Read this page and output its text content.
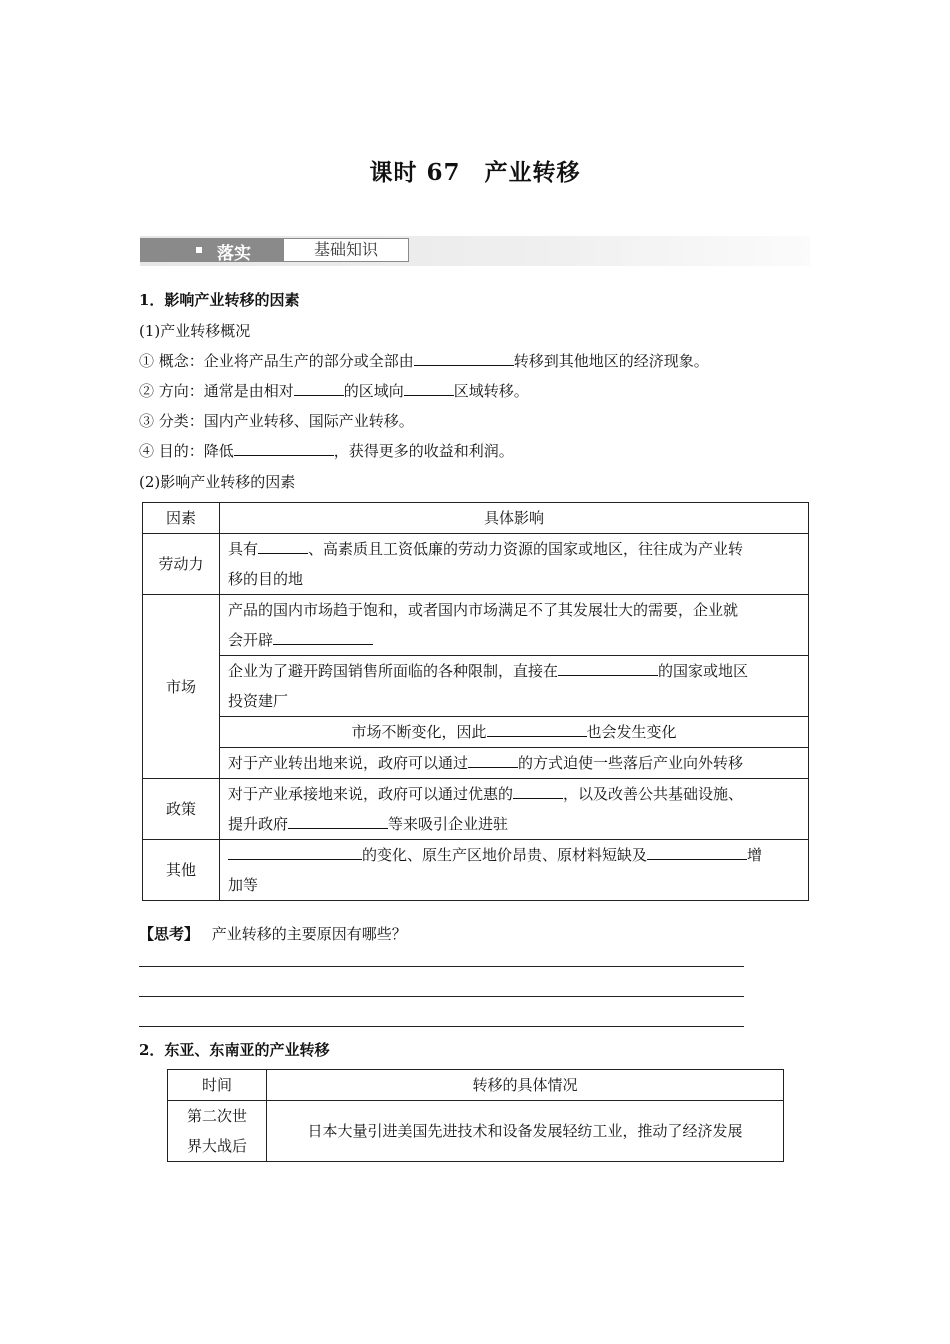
课时 67　产业转移
落实	基础知识
1．影响产业转移的因素
(1)产业转移概况
① 概念：企业将产品生产的部分或全部由	转移到其他地区的经济现象。
② 方向：通常是由相对	的区域向	区域转移。
③ 分类：国内产业转移、国际产业转移。
④ 目的：降低	，获得更多的收益和利润。
(2)影响产业转移的因素
因素	具体影响
劳动力	具有 、高素质且工资低廉的劳动力资源的国家或地区，往往成为产业转
移的目的地
市场	产品的国内市场趋于饱和，或者国内市场满足不了其发展壮大的需要，企业就
会开辟
	企业为了避开跨国销售所面临的各种限制，直接在 的国家或地区
投资建厂
	市场不断变化，因此 也会发生变化
	对于产业转出地来说，政府可以通过 的方式迫使一些落后产业向外转移
政策	对于产业承接地来说，政府可以通过优惠的 ，以及改善公共基础设施、
提升政府 等来吸引企业进驻
其他	的变化、原生产区地价昂贵、原材料短缺及 增
加等
【思考】 产业转移的主要原因有哪些？
2．东亚、东南亚的产业转移
时间	转移的具体情况
第二次世
界大战后	日本大量引进美国先进技术和设备发展轻纺工业，推动了经济发展
